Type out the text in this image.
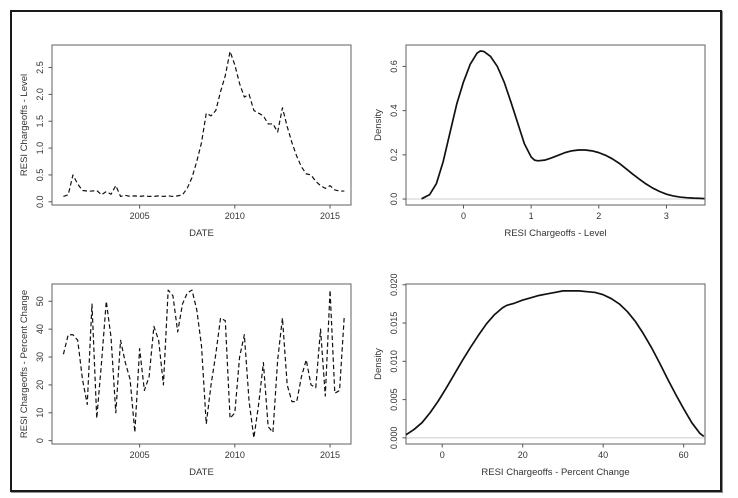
2005	2010	2015
0.0
0.5
1.0
1.5
2.0
2.5
DATE
RESI Chargeoffs - Level
0	1	2	3
0.0
0.2
0.4
0.6
RESI Chargeoffs - Level
Density
2005	2010	2015
0
10
20
30
40
50
DATE
RESI Chargeoffs - Percent Change
0	20	40	60
0.000
0.005
0.010
0.015
0.020
RESI Chargeoffs - Percent Change
Density
